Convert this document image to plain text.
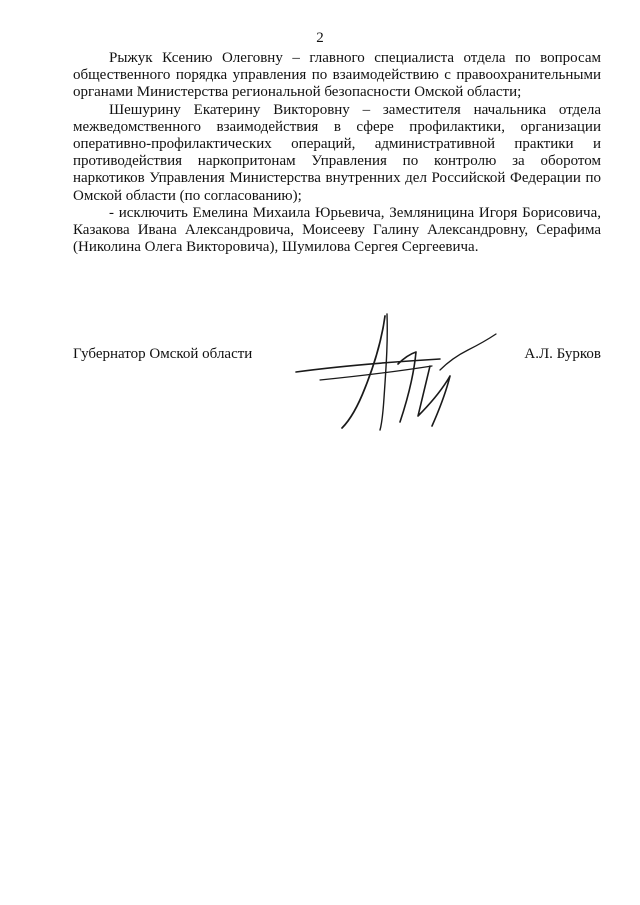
2

Рыжук Ксению Олеговну – главного специалиста отдела по вопросам общественного порядка управления по взаимодействию с правоохранительными органами Министерства региональной безопасности Омской области;

Шешурину Екатерину Викторовну – заместителя начальника отдела межведомственного взаимодействия в сфере профилактики, организации оперативно-профилактических операций, административной практики и противодействия наркопритонам Управления по контролю за оборотом наркотиков Управления Министерства внутренних дел Российской Федерации по Омской области (по согласованию);

- исключить Емелина Михаила Юрьевича, Земляницина Игоря Борисовича, Казакова Ивана Александровича, Моисееву Галину Александровну, Серафима (Николина Олега Викторовича), Шумилова Сергея Сергеевича.

Губернатор Омской области	А.Л. Бурков
